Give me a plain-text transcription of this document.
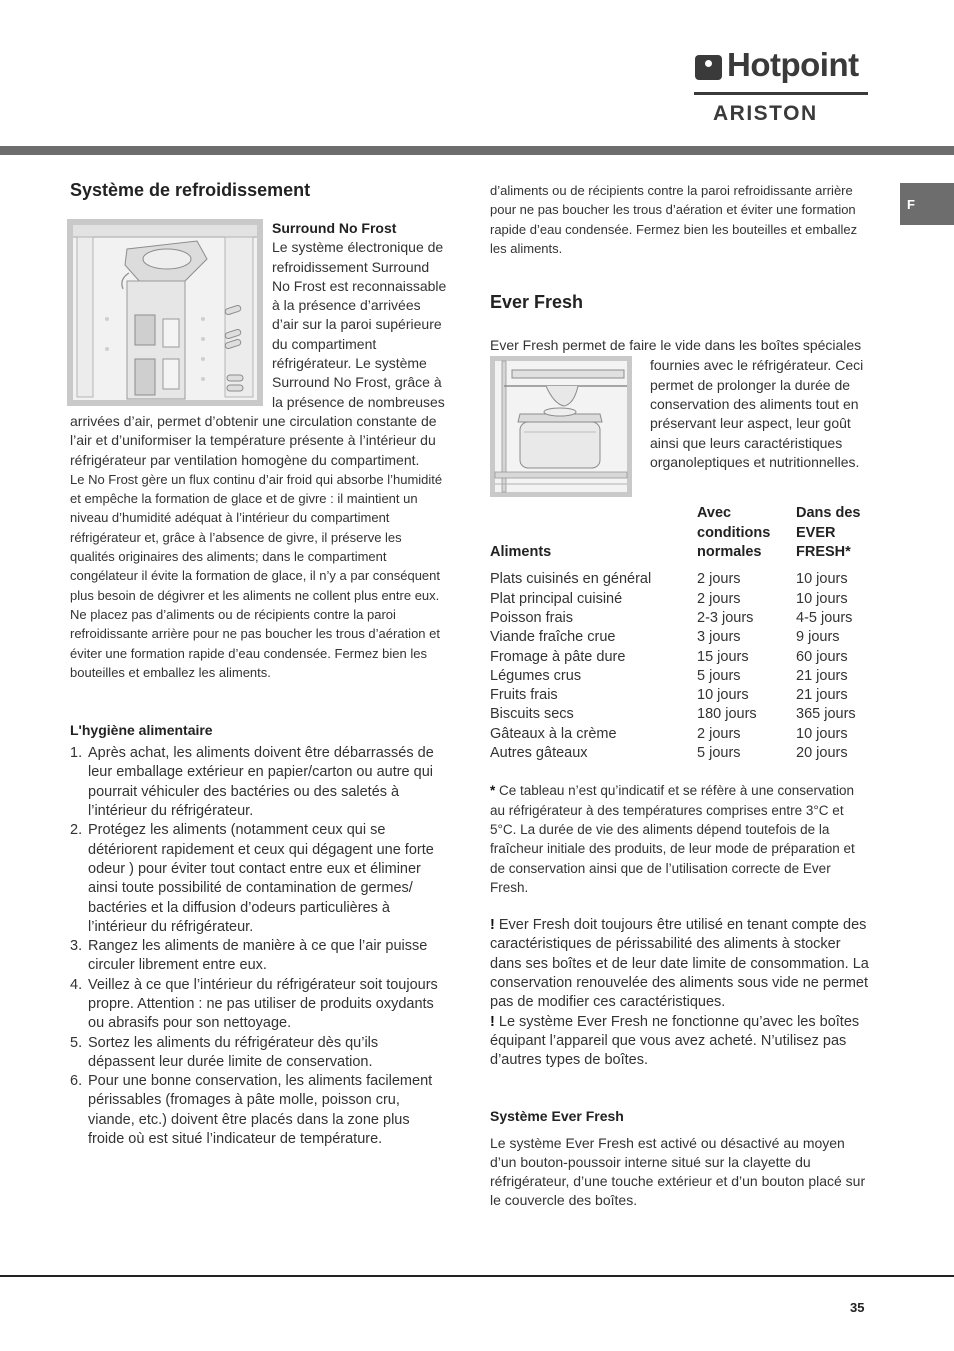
Hotpoint
ARISTON
F
Système de refroidissement
Surround No Frost
Le système électronique de refroidissement Surround No Frost est reconnaissable à la présence d’arrivées d’air sur la paroi supérieure du compartiment réfrigérateur. Le système Surround No Frost, grâce à la présence de nombreuses arrivées d’air, permet d’obtenir une circulation constante de l’air et d’uniformiser la température présente à l’intérieur du réfrigérateur par ventilation homogène du compartiment.
Le No Frost gère un flux continu d’air froid qui absorbe l’humidité et empêche la formation de glace et de givre : il maintient un niveau d’humidité adéquat à l’intérieur du compartiment réfrigérateur et, grâce à l’absence de givre, il préserve les qualités originaires des aliments; dans le compartiment congélateur il évite la formation de glace, il n’y a par conséquent plus besoin de dégivrer et les aliments ne collent plus entre eux. Ne placez pas d’aliments ou de récipients contre la paroi refroidissante arrière pour ne pas boucher les trous d’aération et éviter une formation rapide d’eau condensée. Fermez bien les bouteilles et emballez les aliments.
L'hygiène alimentaire
Après achat, les aliments doivent être débarrassés de leur emballage extérieur en papier/carton ou autre qui pourrait véhiculer des bactéries ou des saletés à l’intérieur du réfrigérateur.
Protégez les aliments (notamment ceux qui se détériorent rapidement et ceux qui dégagent une forte odeur ) pour éviter tout contact entre eux et éliminer ainsi toute possibilité de contamination de germes/ bactéries et la diffusion d’odeurs particulières à l’intérieur du réfrigérateur.
Rangez les aliments de manière à ce que l’air puisse circuler librement entre eux.
Veillez à ce que l’intérieur du réfrigérateur soit toujours propre. Attention : ne pas utiliser de produits oxydants ou abrasifs pour son nettoyage.
Sortez les aliments du réfrigérateur dès qu’ils dépassent leur durée limite de conservation.
Pour une bonne conservation, les aliments facilement périssables (fromages à pâte molle, poisson cru, viande, etc.) doivent être placés dans la zone plus froide où est situé l’indicateur de température.
d’aliments ou de récipients contre la paroi refroidissante arrière pour ne pas boucher les trous d’aération et éviter une formation rapide d’eau condensée. Fermez bien les bouteilles et emballez les aliments.
Ever Fresh
Ever Fresh permet de faire le vide dans les boîtes spéciales
fournies avec le réfrigérateur. Ceci permet de prolonger la durée de conservation des aliments tout en préservant leur aspect, leur goût ainsi que leurs caractéristiques organoleptiques et nutritionnelles.
Aliments	Avec conditions normales	Dans des EVER FRESH*
Plats cuisinés en général	2 jours	10 jours
Plat principal cuisiné	2 jours	10 jours
Poisson frais	2-3 jours	4-5 jours
Viande fraîche crue	3 jours	9 jours
Fromage à pâte dure	15 jours	60 jours
Légumes crus	5 jours	21 jours
Fruits frais	10 jours	21 jours
Biscuits secs	180 jours	365 jours
Gâteaux à la crème	2 jours	10 jours
Autres gâteaux	5 jours	20 jours
* Ce tableau n’est qu’indicatif et se réfère à une conservation au réfrigérateur à des températures comprises entre 3°C et 5°C. La durée de vie des aliments dépend toutefois de la fraîcheur initiale des produits, de leur mode de préparation et de conservation ainsi que de l’utilisation correcte de Ever Fresh.
! Ever Fresh doit toujours être utilisé en tenant compte des caractéristiques de périssabilité des aliments à stocker dans ses boîtes et de leur date limite de consommation. La conservation renouvelée des aliments sous vide ne permet pas de modifier ces caractéristiques.
! Le système Ever Fresh ne fonctionne qu’avec les boîtes équipant l’appareil que vous avez acheté. N’utilisez pas d’autres types de boîtes.
Système Ever Fresh
Le système Ever Fresh est activé ou désactivé au moyen d’un bouton-poussoir interne situé sur la clayette du réfrigérateur, d’une touche extérieur et d’un bouton placé sur le couvercle des boîtes.
35
